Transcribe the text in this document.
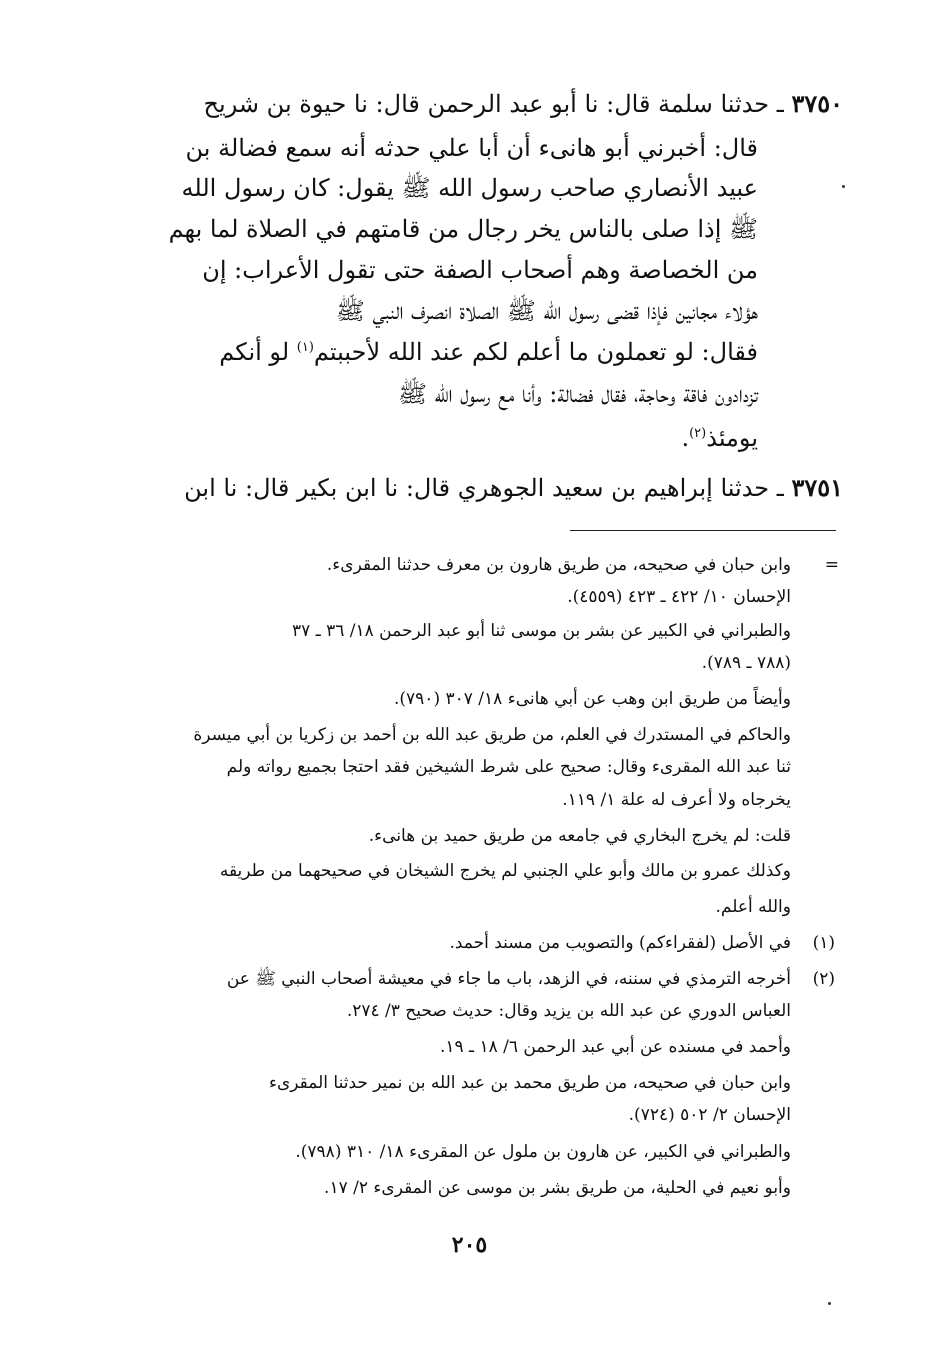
٣٧٥٠ ـ حدثنا سلمة قال: نا أبو عبد الرحمن قال: نا حيوة بن شريح
قال: أخبرني أبو هانىء أن أبا علي حدثه أنه سمع فضالة بن
عبيد الأنصاري صاحب رسول الله ﷺ يقول: كان رسول الله
ﷺ إذا صلى بالناس يخر رجال من قامتهم في الصلاة لما بهم
من الخصاصة وهم أصحاب الصفة حتى تقول الأعراب: إن
هؤلاء مجانين فإذا قضى رسول الله ﷺ الصلاة انصرف النبي ﷺ
فقال: لو تعملون ما أعلم لكم عند الله لأحببتم$^{(١)}$ لو أنكم
تزدادون فاقة وحاجة، فقال فضالة: وأنا مع رسول الله ﷺ
يومئذ$^{(٢)}$.
٣٧٥١ ـ حدثنا إبراهيم بن سعيد الجوهري قال: نا ابن بكير قال: نا ابن
=
وابن حبان في صحيحه، من طريق هارون بن معرف حدثنا المقرىء.
الإحسان ١٠/ ٤٢٢ ـ ٤٢٣ (٤٥٥٩).
والطبراني في الكبير عن بشر بن موسى ثنا أبو عبد الرحمن ١٨/ ٣٦ ـ ٣٧
(٧٨٨ ـ ٧٨٩).
وأيضاً من طريق ابن وهب عن أبي هانىء ١٨/ ٣٠٧ (٧٩٠).
والحاكم في المستدرك في العلم، من طريق عبد الله بن أحمد بن زكريا بن أبي ميسرة
ثنا عبد الله المقرىء وقال: صحيح على شرط الشيخين فقد احتجا بجميع رواته ولم
يخرجاه ولا أعرف له علة ١/ ١١٩.
قلت: لم يخرج البخاري في جامعه من طريق حميد بن هانىء.
وكذلك عمرو بن مالك وأبو علي الجنبي لم يخرج الشيخان في صحيحهما من طريقه
والله أعلم.
(١)
في الأصل (لفقراءكم) والتصويب من مسند أحمد.
(٢)
أخرجه الترمذي في سننه، في الزهد، باب ما جاء في معيشة أصحاب النبي ﷺ عن
العباس الدوري عن عبد الله بن يزيد وقال: حديث صحيح ٣/ ٢٧٤.
وأحمد في مسنده عن أبي عبد الرحمن ٦/ ١٨ ـ ١٩.
وابن حبان في صحيحه، من طريق محمد بن عبد الله بن نمير حدثنا المقرىء
الإحسان ٢/ ٥٠٢ (٧٢٤).
والطبراني في الكبير، عن هارون بن ملول عن المقرىء ١٨/ ٣١٠ (٧٩٨).
وأبو نعيم في الحلية، من طريق بشر بن موسى عن المقرىء ٢/ ١٧.
٢٠٥
